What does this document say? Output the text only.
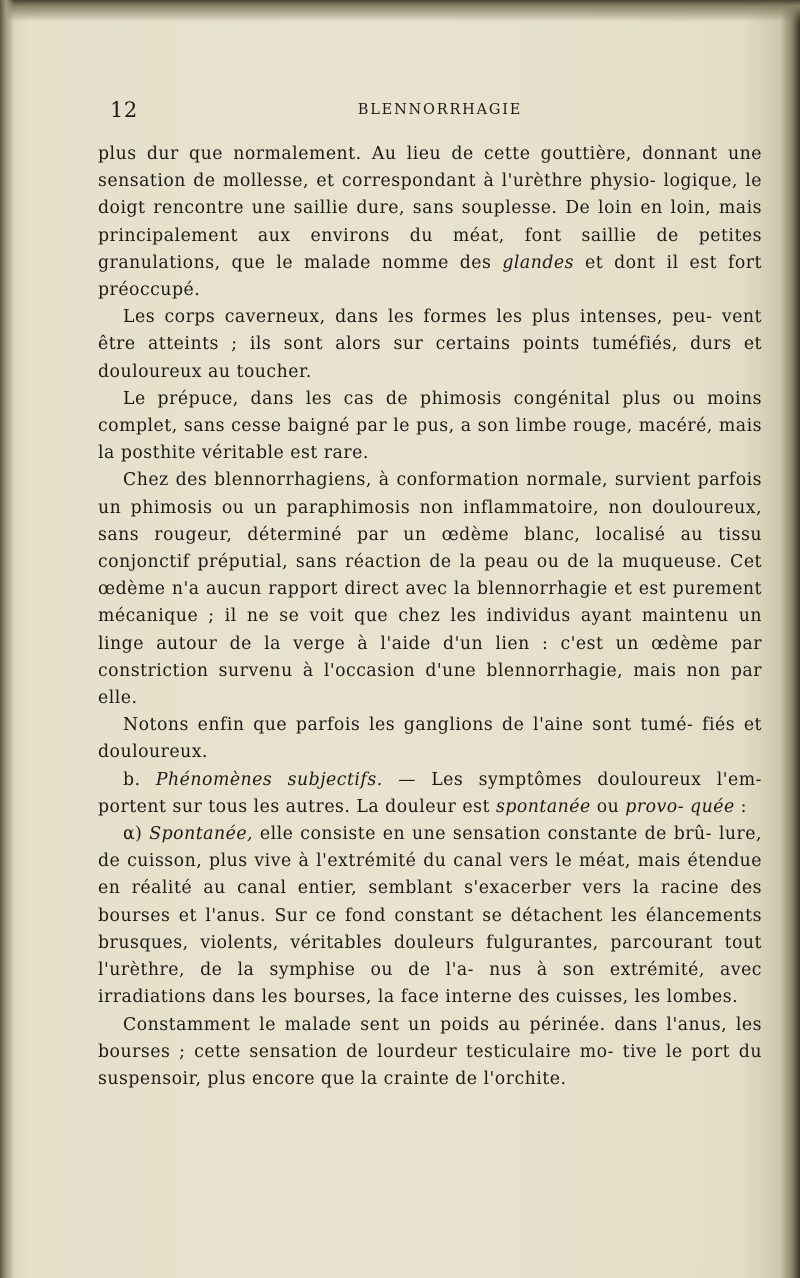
12	BLENNORRHAGIE

plus dur que normalement. Au lieu de cette gouttière, donnant une sensation de mollesse, et correspondant à l'urèthre physio- logique, le doigt rencontre une saillie dure, sans souplesse. De loin en loin, mais principalement aux environs du méat, font saillie de petites granulations, que le malade nomme des glandes et dont il est fort préoccupé.

Les corps caverneux, dans les formes les plus intenses, peu- vent être atteints ; ils sont alors sur certains points tuméfiés, durs et douloureux au toucher.

Le prépuce, dans les cas de phimosis congénital plus ou moins complet, sans cesse baigné par le pus, a son limbe rouge, macéré, mais la posthite véritable est rare.

Chez des blennorrhagiens, à conformation normale, survient parfois un phimosis ou un paraphimosis non inflammatoire, non douloureux, sans rougeur, déterminé par un œdème blanc, localisé au tissu conjonctif préputial, sans réaction de la peau ou de la muqueuse. Cet œdème n'a aucun rapport direct avec la blennorrhagie et est purement mécanique ; il ne se voit que chez les individus ayant maintenu un linge autour de la verge à l'aide d'un lien : c'est un œdème par constriction survenu à l'occasion d'une blennorrhagie, mais non par elle.

Notons enfin que parfois les ganglions de l'aine sont tumé- fiés et douloureux.

b. Phénomènes subjectifs. — Les symptômes douloureux l'em- portent sur tous les autres. La douleur est spontanée ou provo- quée :

α) Spontanée, elle consiste en une sensation constante de brû- lure, de cuisson, plus vive à l'extrémité du canal vers le méat, mais étendue en réalité au canal entier, semblant s'exacerber vers la racine des bourses et l'anus. Sur ce fond constant se détachent les élancements brusques, violents, véritables douleurs fulgurantes, parcourant tout l'urèthre, de la symphise ou de l'a- nus à son extrémité, avec irradiations dans les bourses, la face interne des cuisses, les lombes.

Constamment le malade sent un poids au périnée. dans l'anus, les bourses ; cette sensation de lourdeur testiculaire mo- tive le port du suspensoir, plus encore que la crainte de l'orchite.
